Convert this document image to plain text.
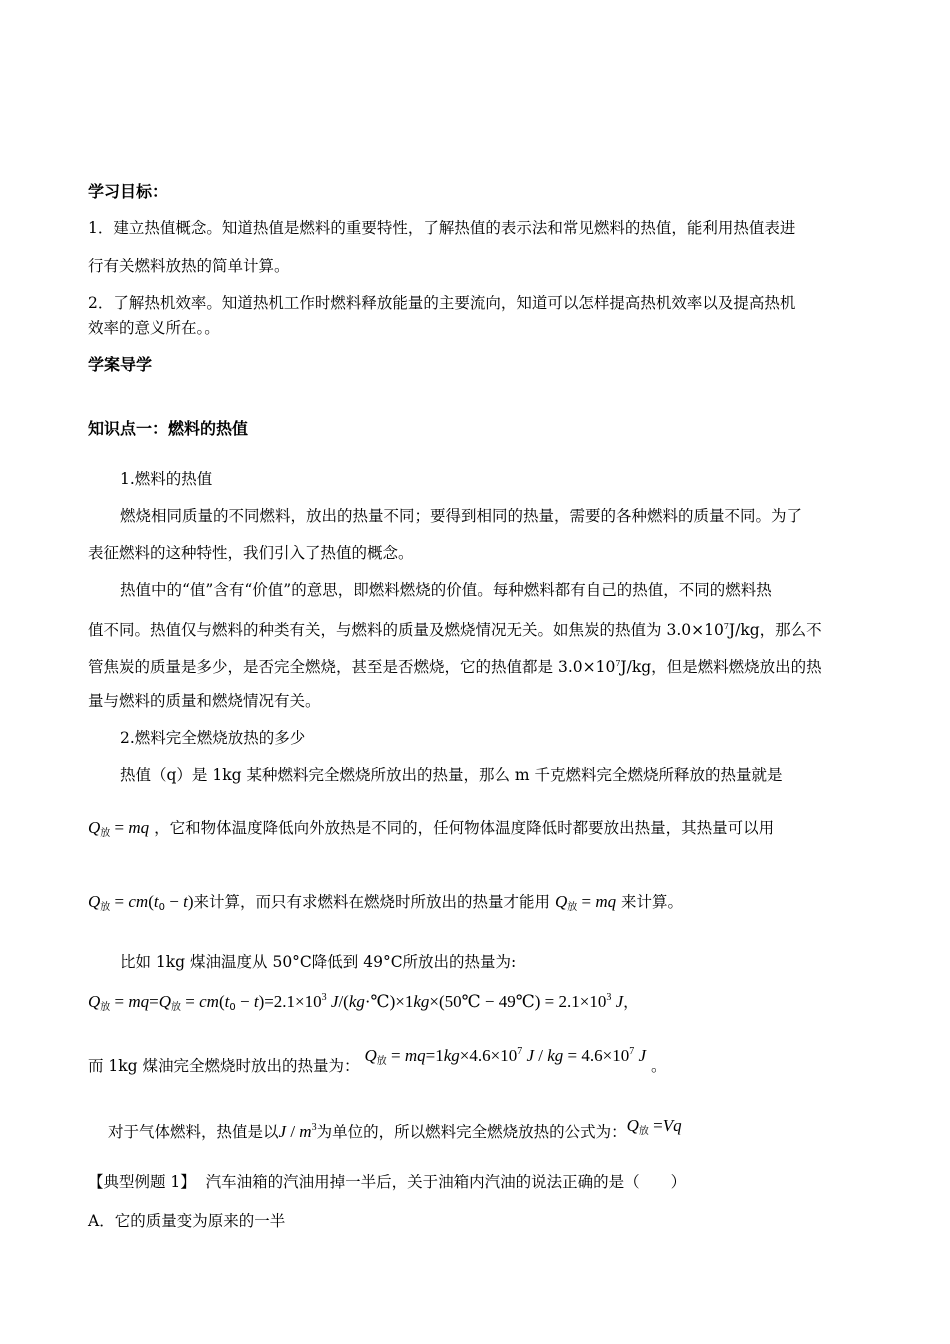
学习目标：
1．建立热值概念。知道热值是燃料的重要特性，了解热值的表示法和常见燃料的热值，能利用热值表进
行有关燃料放热的简单计算。
2．了解热机效率。知道热机工作时燃料释放能量的主要流向，知道可以怎样提高热机效率以及提高热机
效率的意义所在。。
学案导学
知识点一：燃料的热值
1.燃料的热值
燃烧相同质量的不同燃料，放出的热量不同；要得到相同的热量，需要的各种燃料的质量不同。为了
表征燃料的这种特性，我们引入了热值的概念。
热值中的“值”含有“价值”的意思，即燃料燃烧的价值。每种燃料都有自己的热值，不同的燃料热
值不同。热值仅与燃料的种类有关，与燃料的质量及燃烧情况无关。如焦炭的热值为 $3.0\times 10^7J/kg$，那么不
管焦炭的质量是多少，是否完全燃烧，甚至是否燃烧，它的热值都是 $3.0\times 10^7J/kg$，但是燃料燃烧放出的热
量与燃料的质量和燃烧情况有关。
2.燃料完全燃烧放热的多少
热值（q）是 1kg 某种燃料完全燃烧所放出的热量，那么 m 千克燃料完全燃烧所释放的热量就是
$Q_放$ = mq ，它和物体温度降低向外放热是不同的，任何物体温度降低时都要放出热量，其热量可以用
$Q_放 = cm(t_0 - t)$来计算，而只有求燃料在燃烧时所放出的热量才能用 $Q_放$ = mq 来计算。
比如 1kg 煤油温度从 50°C降低到 49°C所放出的热量为:
$Q_放 = mq=Q_放 = cm(t_0 - t)=2.1\times 10^3$ J/(kg·℃)×1kg×(50℃ − 49℃) = $2.1\times 10^3$ J，
而 1kg 煤油完全燃烧时放出的热量为： $Q_放 = mq=1kg\times 4.6\times 10^7$ J / kg = $4.6\times 10^7$ J 。
对于气体燃料，热值是以J / $m^3$为单位的，所以燃料完全燃烧放热的公式为：$Q_放 =Vq$
【典型例题 1】 汽车油箱的汽油用掉一半后，关于油箱内汽油的说法正确的是（　　）
A．它的质量变为原来的一半
